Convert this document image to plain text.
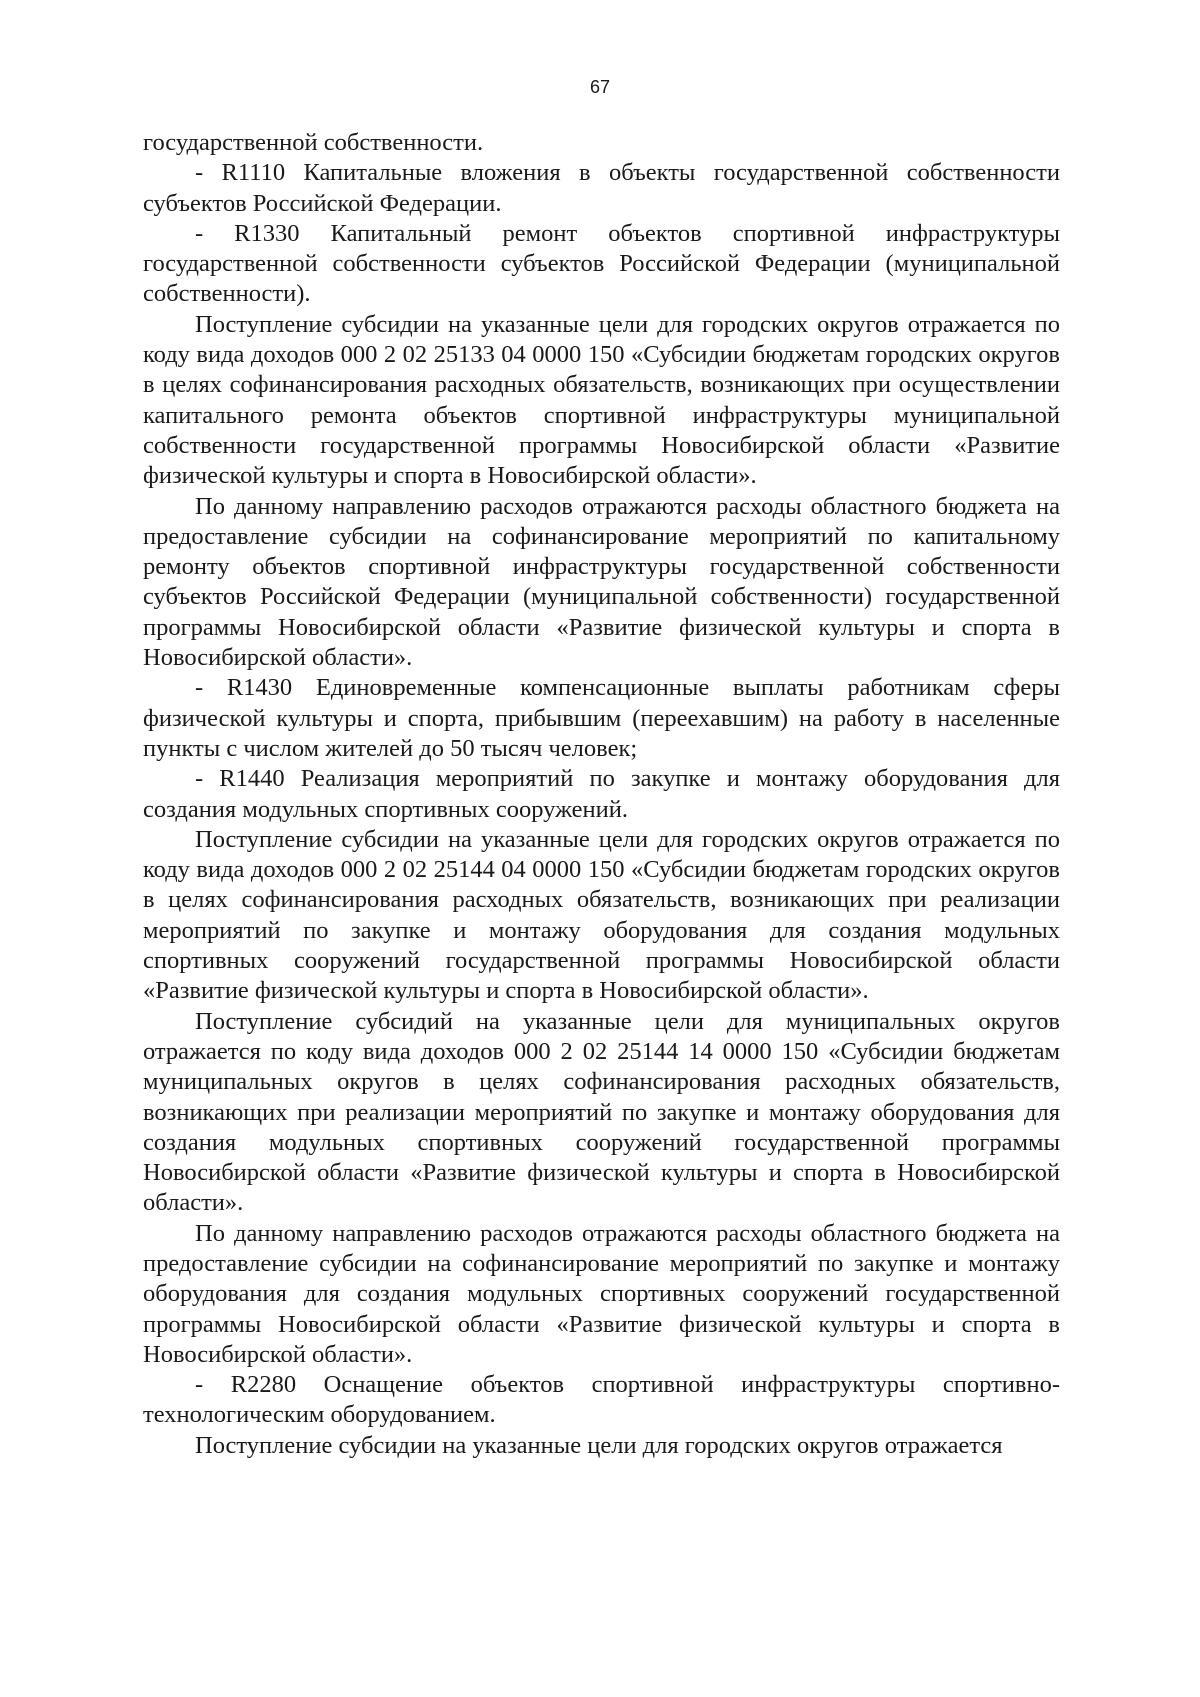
67

государственной собственности.

- R1110 Капитальные вложения в объекты государственной собственности субъектов Российской Федерации.

- R1330 Капитальный ремонт объектов спортивной инфраструктуры государственной собственности субъектов Российской Федерации (муниципальной собственности).

Поступление субсидии на указанные цели для городских округов отражается по коду вида доходов 000 2 02 25133 04 0000 150 «Субсидии бюджетам городских округов в целях софинансирования расходных обязательств, возникающих при осуществлении капитального ремонта объектов спортивной инфраструктуры муниципальной собственности государственной программы Новосибирской области «Развитие физической культуры и спорта в Новосибирской области».

По данному направлению расходов отражаются расходы областного бюджета на предоставление субсидии на софинансирование мероприятий по капитальному ремонту объектов спортивной инфраструктуры государственной собственности субъектов Российской Федерации (муниципальной собственности) государственной программы Новосибирской области «Развитие физической культуры и спорта в Новосибирской области».

- R1430 Единовременные компенсационные выплаты работникам сферы физической культуры и спорта, прибывшим (переехавшим) на работу в населенные пункты с числом жителей до 50 тысяч человек;

- R1440 Реализация мероприятий по закупке и монтажу оборудования для создания модульных спортивных сооружений.

Поступление субсидии на указанные цели для городских округов отражается по коду вида доходов 000 2 02 25144 04 0000 150 «Субсидии бюджетам городских округов в целях софинансирования расходных обязательств, возникающих при реализации мероприятий по закупке и монтажу оборудования для создания модульных спортивных сооружений государственной программы Новосибирской области «Развитие физической культуры и спорта в Новосибирской области».

Поступление субсидий на указанные цели для муниципальных округов отражается по коду вида доходов 000 2 02 25144 14 0000 150 «Субсидии бюджетам муниципальных округов в целях софинансирования расходных обязательств, возникающих при реализации мероприятий по закупке и монтажу оборудования для создания модульных спортивных сооружений государственной программы Новосибирской области «Развитие физической культуры и спорта в Новосибирской области».

По данному направлению расходов отражаются расходы областного бюджета на предоставление субсидии на софинансирование мероприятий по закупке и монтажу оборудования для создания модульных спортивных сооружений государственной программы Новосибирской области «Развитие физической культуры и спорта в Новосибирской области».

- R2280 Оснащение объектов спортивной инфраструктуры спортивно-технологическим оборудованием.

Поступление субсидии на указанные цели для городских округов отражается
